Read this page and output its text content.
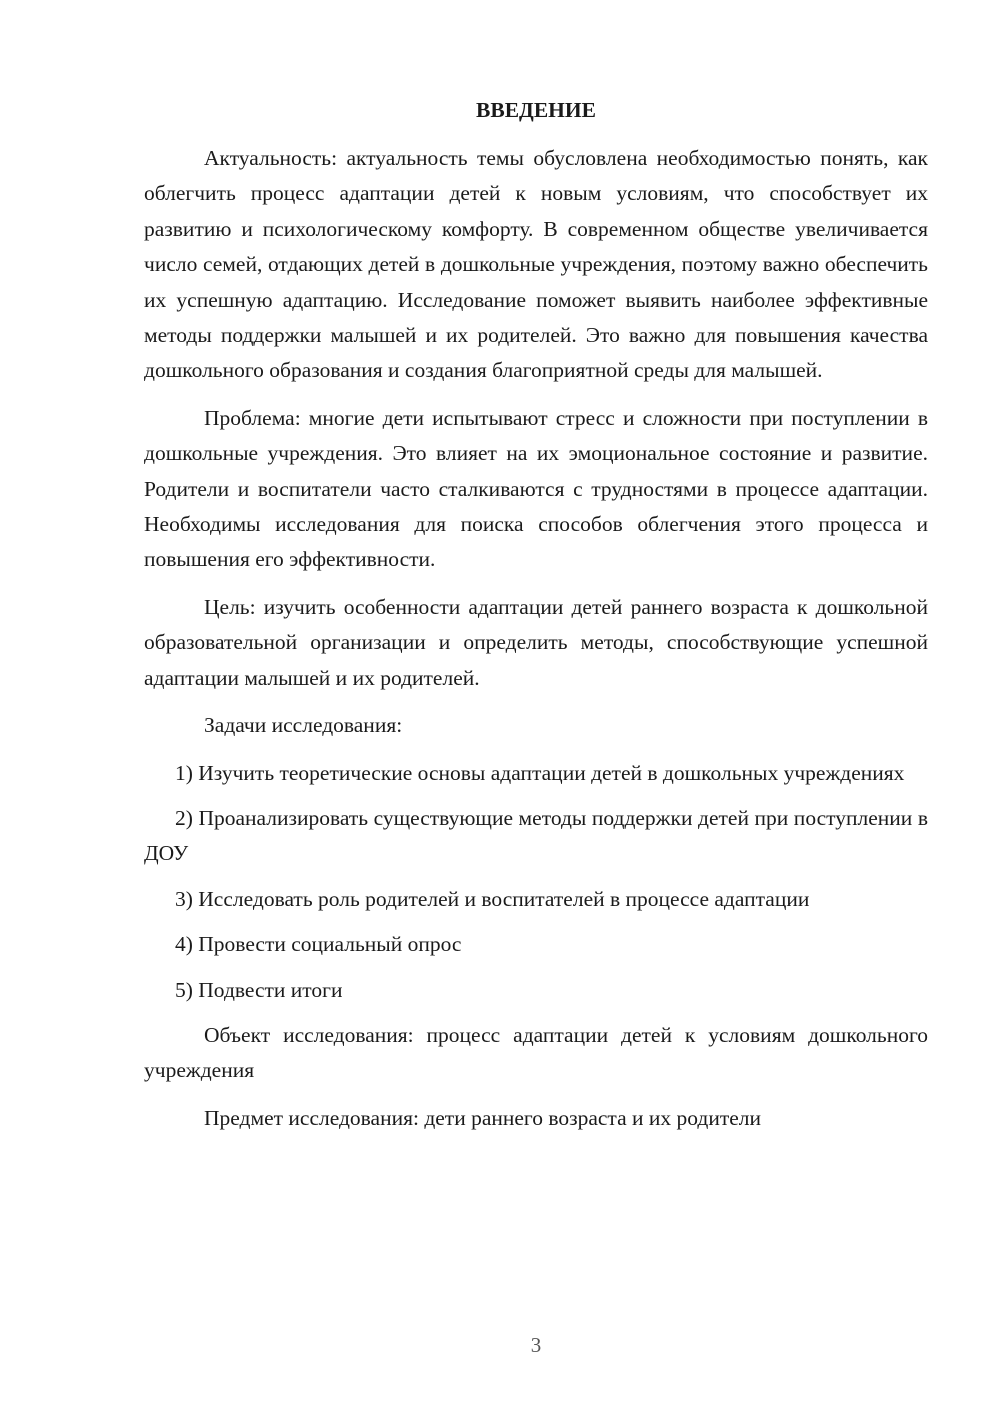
ВВЕДЕНИЕ

Актуальность: актуальность темы обусловлена необходимостью понять, как облегчить процесс адаптации детей к новым условиям, что способствует их развитию и психологическому комфорту. В современном обществе увеличивается число семей, отдающих детей в дошкольные учреждения, поэтому важно обеспечить их успешную адаптацию. Исследование поможет выявить наиболее эффективные методы поддержки малышей и их родителей. Это важно для повышения качества дошкольного образования и создания благоприятной среды для малышей.

Проблема: многие дети испытывают стресс и сложности при поступлении в дошкольные учреждения. Это влияет на их эмоциональное состояние и развитие. Родители и воспитатели часто сталкиваются с трудностями в процессе адаптации. Необходимы исследования для поиска способов облегчения этого процесса и повышения его эффективности.

Цель: изучить особенности адаптации детей раннего возраста к дошкольной образовательной организации и определить методы, способствующие успешной адаптации малышей и их родителей.

Задачи исследования:

1) Изучить теоретические основы адаптации детей в дошкольных учреждениях

2) Проанализировать существующие методы поддержки детей при поступлении в ДОУ

3) Исследовать роль родителей и воспитателей в процессе адаптации

4) Провести социальный опрос

5) Подвести итоги

Объект исследования: процесс адаптации детей к условиям дошкольного учреждения

Предмет исследования: дети раннего возраста и их родители

3
